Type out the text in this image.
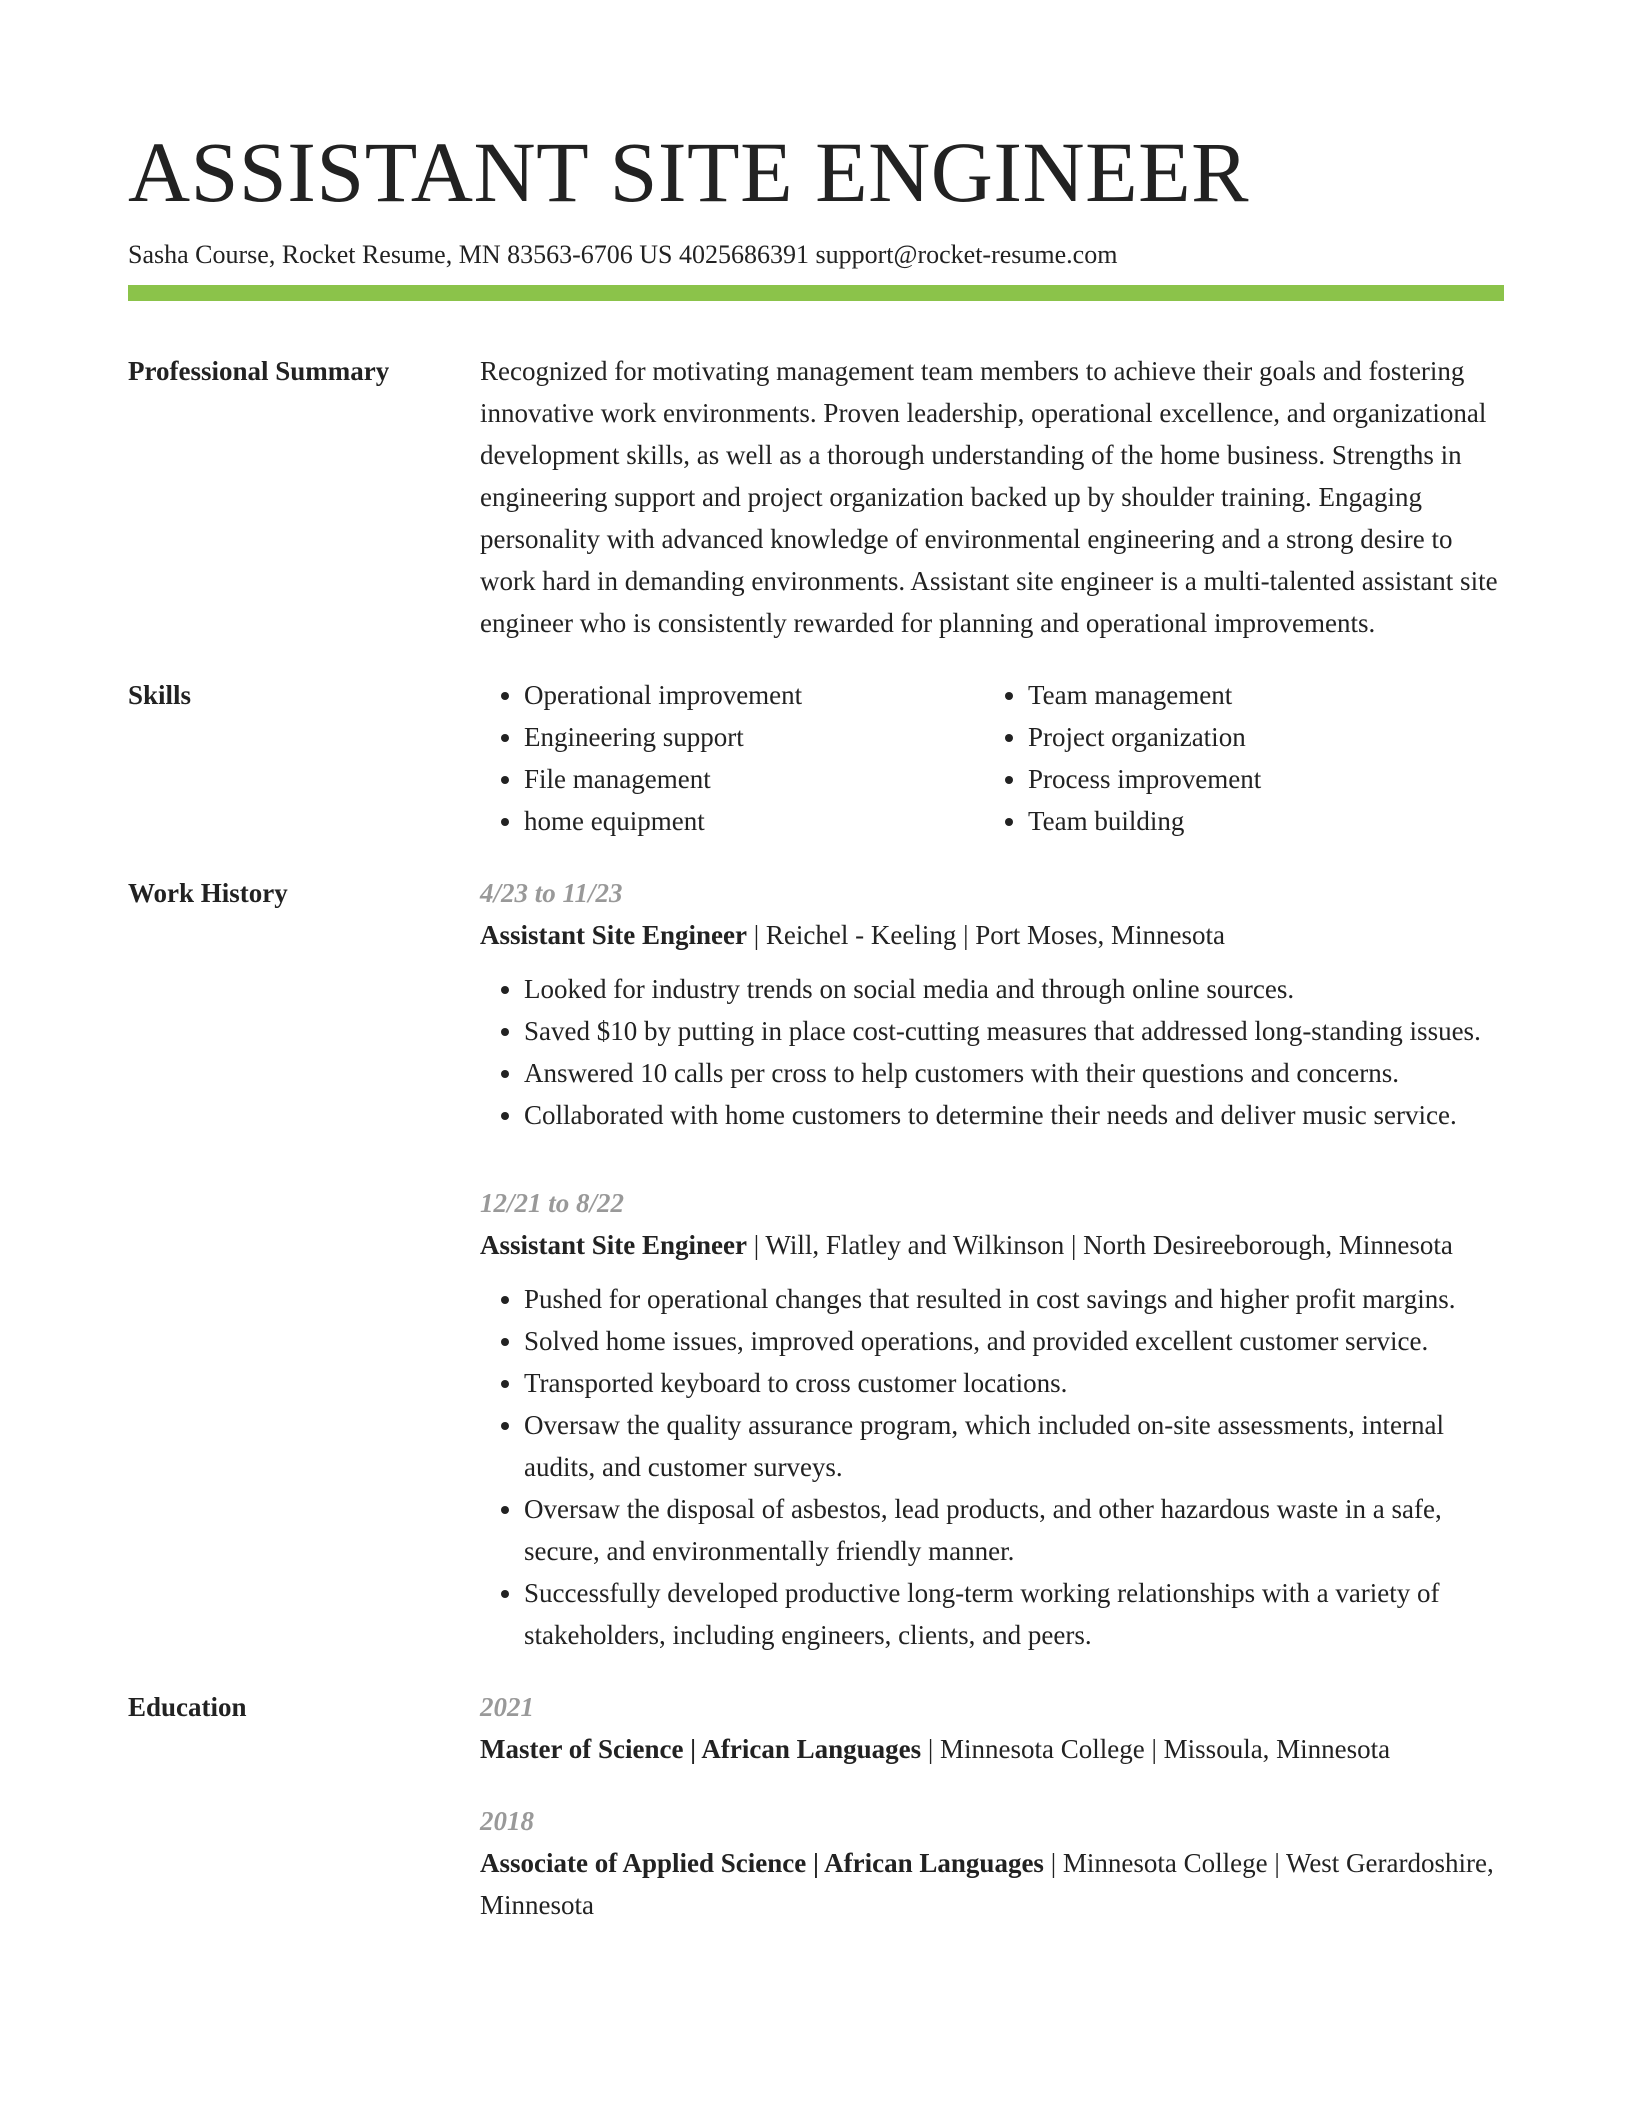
ASSISTANT SITE ENGINEER
Sasha Course, Rocket Resume, MN 83563-6706 US 4025686391 support@rocket-resume.com
Professional Summary	Recognized for motivating management team members to achieve their goals and fostering innovative work environments. Proven leadership, operational excellence, and organizational development skills, as well as a thorough understanding of the home business. Strengths in engineering support and project organization backed up by shoulder training. Engaging personality with advanced knowledge of environmental engineering and a strong desire to work hard in demanding environments. Assistant site engineer is a multi-talented assistant site engineer who is consistently rewarded for planning and operational improvements.

Skills
•	Operational improvement
• Engineering support
• File management
• home equipment
• Team management
• Project organization
• Process improvement
• Team building
Work History	4/23 to 11/23
Assistant Site Engineer | Reichel - Keeling | Port Moses, Minnesota
• Looked for industry trends on social media and through online sources.
• Saved $10 by putting in place cost-cutting measures that addressed long-standing issues.
• Answered 10 calls per cross to help customers with their questions and concerns.
• Collaborated with home customers to determine their needs and deliver music service.
12/21 to 8/22
Assistant Site Engineer | Will, Flatley and Wilkinson | North Desireeborough, Minnesota
• Pushed for operational changes that resulted in cost savings and higher profit margins.
• Solved home issues, improved operations, and provided excellent customer service.
• Transported keyboard to cross customer locations.
• Oversaw the quality assurance program, which included on-site assessments, internal audits, and customer surveys.
• Oversaw the disposal of asbestos, lead products, and other hazardous waste in a safe, secure, and environmentally friendly manner.
• Successfully developed productive long-term working relationships with a variety of stakeholders, including engineers, clients, and peers.
Education	2021
Master of Science | African Languages | Minnesota College | Missoula, Minnesota
2018
Associate of Applied Science | African Languages | Minnesota College | West Gerardoshire, Minnesota
